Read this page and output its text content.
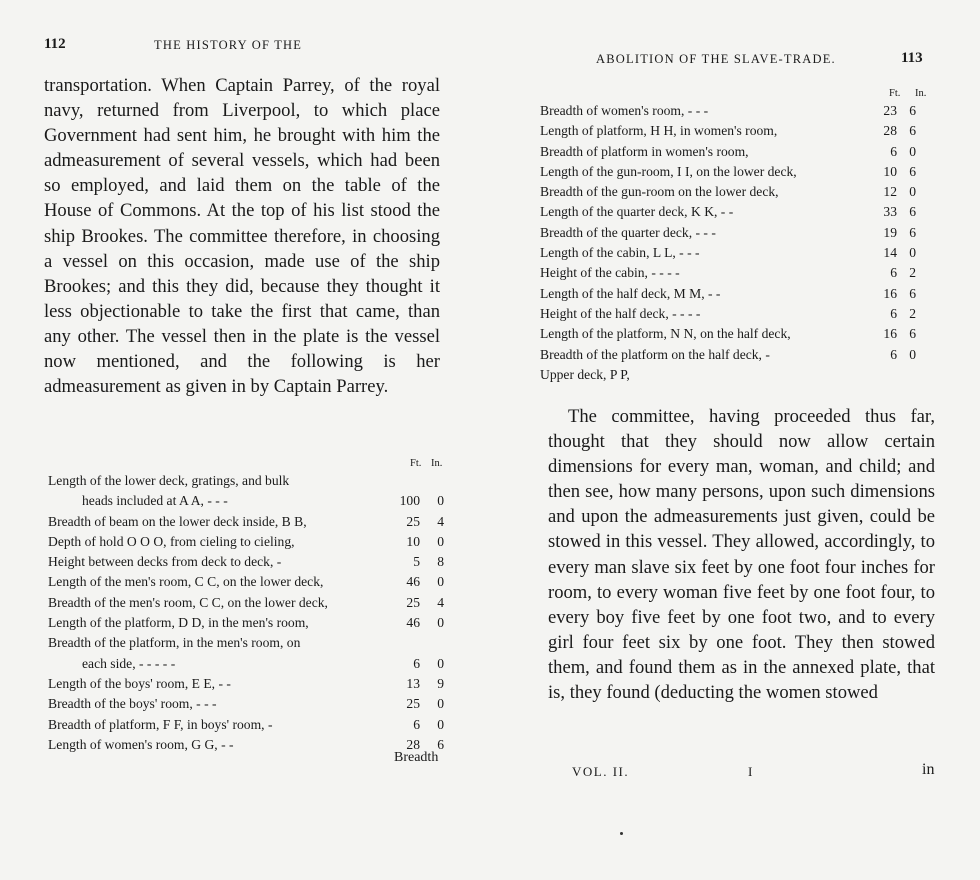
112	THE HISTORY OF THE

transportation. When Captain Parrey, of the royal navy, returned from Liverpool, to which place Government had sent him, he brought with him the admeasurement of several vessels, which had been so employed, and laid them on the table of the House of Commons. At the top of his list stood the ship Brookes. The committee therefore, in choosing a vessel on this occasion, made use of the ship Brookes; and this they did, because they thought it less objectionable to take the first that came, than any other. The vessel then in the plate is the vessel now mentioned, and the following is her admeasurement as given in by Captain Parrey.

Ft. In.
Length of the lower deck, gratings, and bulk
heads included at A A, - - -	100	0
Breadth of beam on the lower deck inside, B B,	25	4
Depth of hold O O O, from cieling to cieling,	10	0
Height between decks from deck to deck, -	5	8
Length of the men's room, C C, on the lower deck,	46	0
Breadth of the men's room, C C, on the lower deck,	25	4
Length of the platform, D D, in the men's room,	46	0
Breadth of the platform, in the men's room, on
each side, - - - - -	6	0
Length of the boys' room, E E, - -	13	9
Breadth of the boys' room, - - -	25	0
Breadth of platform, F F, in boys' room, -	6	0
Length of women's room, G G, - -	28	6
Breadth
ABOLITION OF THE SLAVE-TRADE.	113
Ft. In.
Breadth of women's room, - - -	23 6
Length of platform, H H, in women's room,	28 6
Breadth of platform in women's room,	6 0
Length of the gun-room, I I, on the lower deck,	10 6
Breadth of the gun-room on the lower deck,	12 0
Length of the quarter deck, K K, - -	33 6
Breadth of the quarter deck, - - -	19 6
Length of the cabin, L L, - - -	14 0
Height of the cabin, - - - -	6 2
Length of the half deck, M M, - -	16 6
Height of the half deck, - - - -	6 2
Length of the platform, N N, on the half deck,	16 6
Breadth of the platform on the half deck, -	6 0
Upper deck, P P,

The committee, having proceeded thus far, thought that they should now allow certain dimensions for every man, woman, and child; and then see, how many persons, upon such dimensions and upon the admeasurements just given, could be stowed in this vessel. They allowed, accordingly, to every man slave six feet by one foot four inches for room, to every woman five feet by one foot four, to every boy five feet by one foot two, and to every girl four feet six by one foot. They then stowed them, and found them as in the annexed plate, that is, they found (deducting the women stowed

VOL. II.	I	in
